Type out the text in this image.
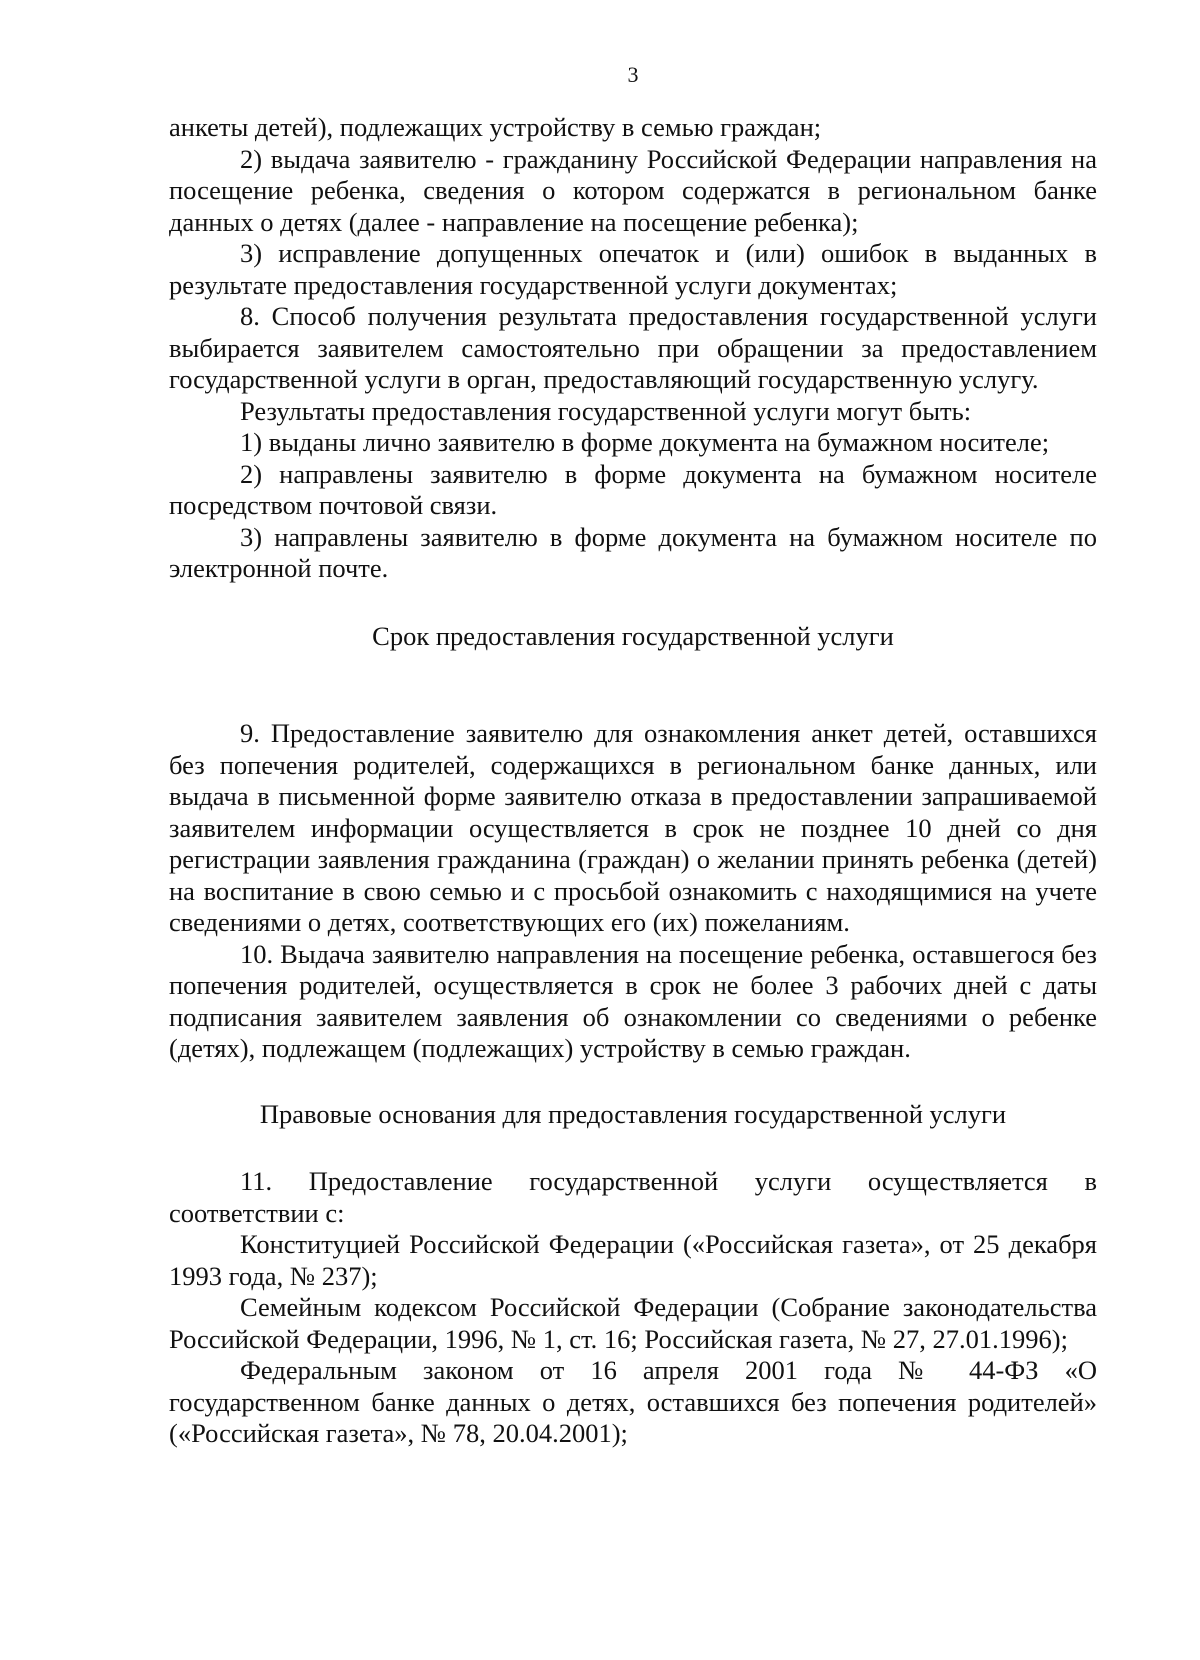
3

анкеты детей), подлежащих устройству в семью граждан;

2) выдача заявителю - гражданину Российской Федерации направления на посещение ребенка, сведения о котором содержатся в региональном банке данных о детях (далее - направление на посещение ребенка);

3) исправление допущенных опечаток и (или) ошибок в выданных в результате предоставления государственной услуги документах;

8. Способ получения результата предоставления государственной услуги выбирается заявителем самостоятельно при обращении за предоставлением государственной услуги в орган, предоставляющий государственную услугу.

Результаты предоставления государственной услуги могут быть:

1) выданы лично заявителю в форме документа на бумажном носителе;

2) направлены заявителю в форме документа на бумажном носителе посредством почтовой связи.

3) направлены заявителю в форме документа на бумажном носителе по электронной почте.

Срок предоставления государственной услуги

9. Предоставление заявителю для ознакомления анкет детей, оставшихся без попечения родителей, содержащихся в региональном банке данных, или выдача в письменной форме заявителю отказа в предоставлении запрашиваемой заявителем информации осуществляется в срок не позднее 10 дней со дня регистрации заявления гражданина (граждан) о желании принять ребенка (детей) на воспитание в свою семью и с просьбой ознакомить с находящимися на учете сведениями о детях, соответствующих его (их) пожеланиям.

10. Выдача заявителю направления на посещение ребенка, оставшегося без попечения родителей, осуществляется в срок не более 3 рабочих дней с даты подписания заявителем заявления об ознакомлении со сведениями о ребенке (детях), подлежащем (подлежащих) устройству в семью граждан.

Правовые основания для предоставления государственной услуги

11. Предоставление государственной услуги осуществляется в соответствии с:

Конституцией Российской Федерации («Российская газета», от 25 декабря 1993 года, № 237);

Семейным кодексом Российской Федерации (Собрание законодательства Российской Федерации, 1996, № 1, ст. 16; Российская газета, № 27, 27.01.1996);

Федеральным законом от 16 апреля 2001 года № 44-ФЗ «О государственном банке данных о детях, оставшихся без попечения родителей» («Российская газета», № 78, 20.04.2001);
